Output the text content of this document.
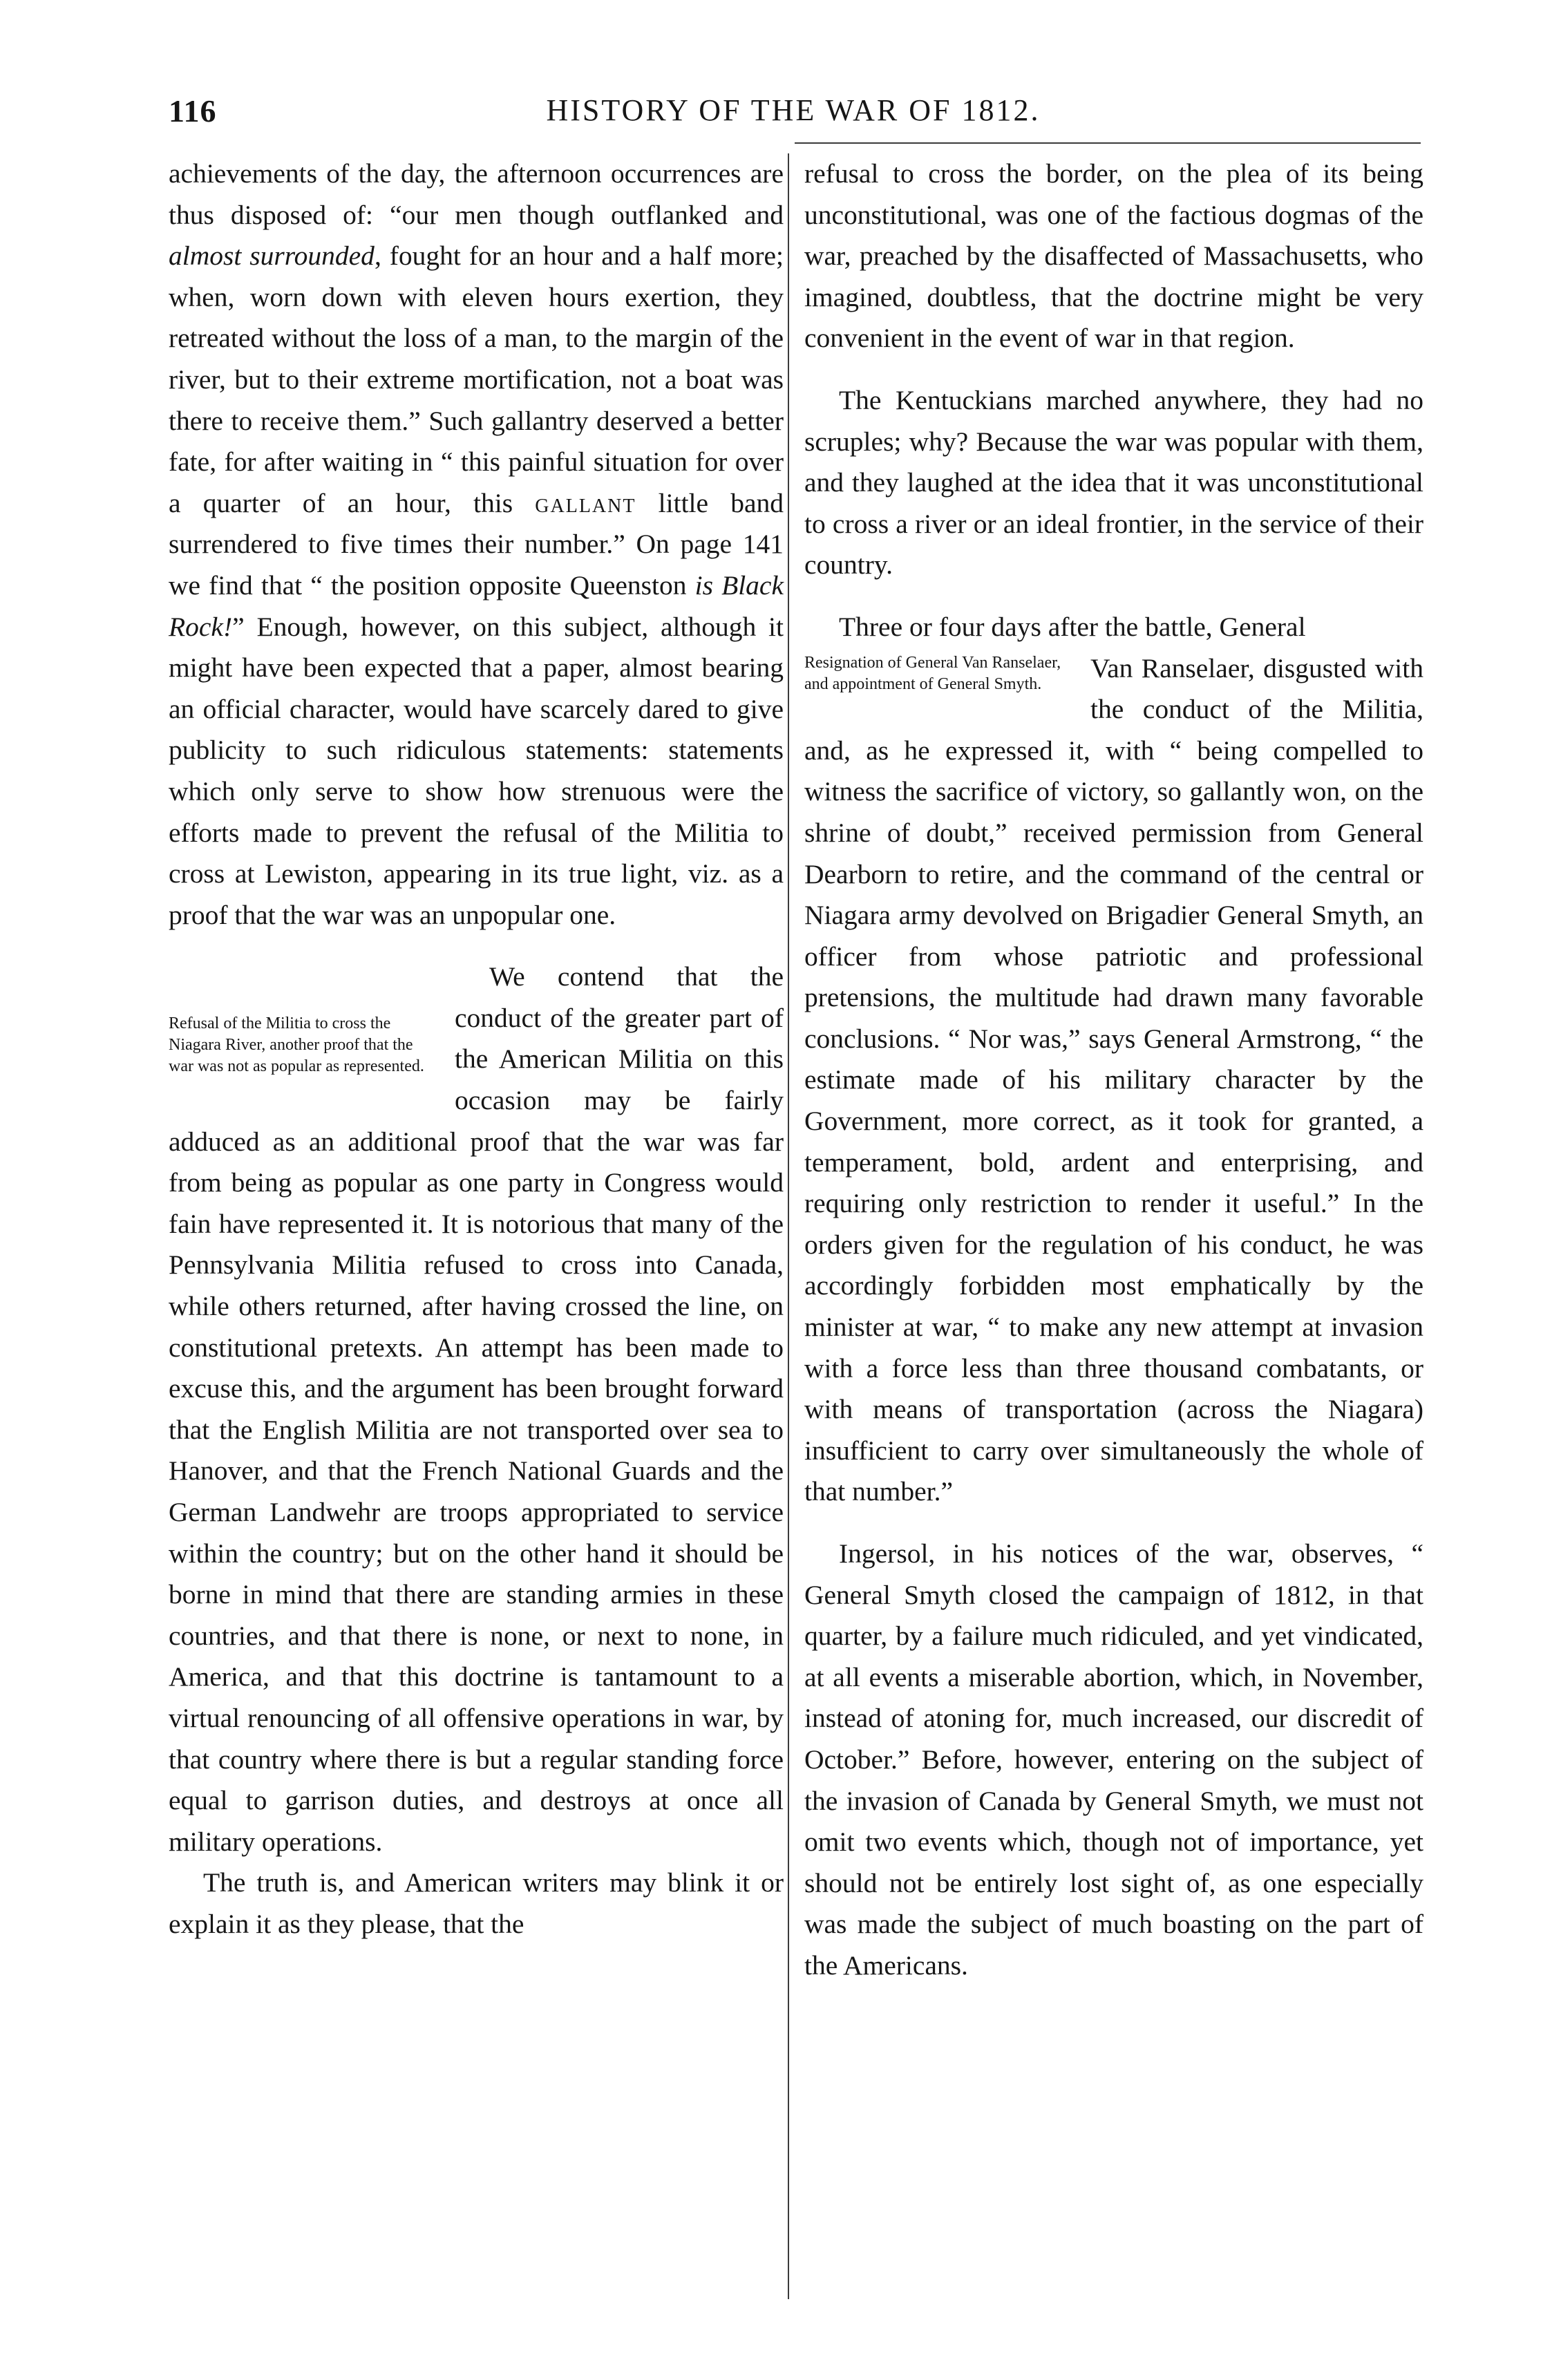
116	HISTORY OF THE WAR OF 1812.

achievements of the day, the afternoon occurrences are thus disposed of: “our men though outflanked and almost surrounded, fought for an hour and a half more; when, worn down with eleven hours exertion, they retreated without the loss of a man, to the margin of the river, but to their extreme mortification, not a boat was there to receive them.” Such gallantry deserved a better fate, for after waiting in “ this painful situation for over a quarter of an hour, this gallant little band surrendered to five times their number.” On page 141 we find that “ the position opposite Queenston is Black Rock!” Enough, however, on this subject, although it might have been expected that a paper, almost bearing an official character, would have scarcely dared to give publicity to such ridiculous statements: statements which only serve to show how strenuous were the efforts made to prevent the refusal of the Militia to cross at Lewiston, appearing in its true light, viz. as a proof that the war was an unpopular one.

Refusal of the Militia to cross the Niagara River, another proof that the war was not as popular as represented.

We contend that the conduct of the greater part of the American Militia on this occasion may be fairly adduced as an additional proof that the war was far from being as popular as one party in Congress would fain have represented it. It is notorious that many of the Pennsylvania Militia refused to cross into Canada, while others returned, after having crossed the line, on constitutional pretexts. An attempt has been made to excuse this, and the argument has been brought forward that the English Militia are not transported over sea to Hanover, and that the French National Guards and the German Landwehr are troops appropriated to service within the country; but on the other hand it should be borne in mind that there are standing armies in these countries, and that there is none, or next to none, in America, and that this doctrine is tantamount to a virtual renouncing of all offensive operations in war, by that country where there is but a regular standing force equal to garrison duties, and destroys at once all military operations.

The truth is, and American writers may blink it or explain it as they please, that the

refusal to cross the border, on the plea of its being unconstitutional, was one of the factious dogmas of the war, preached by the disaffected of Massachusetts, who imagined, doubtless, that the doctrine might be very convenient in the event of war in that region.

The Kentuckians marched anywhere, they had no scruples; why? Because the war was popular with them, and they laughed at the idea that it was unconstitutional to cross a river or an ideal frontier, in the service of their country.

Three or four days after the battle, General

Resignation of General Van Ranselaer, and appointment of General Smyth.

Van Ranselaer, disgusted with the conduct of the Militia, and, as he expressed it, with “ being compelled to witness the sacrifice of victory, so gallantly won, on the shrine of doubt,” received permission from General Dearborn to retire, and the command of the central or Niagara army devolved on Brigadier General Smyth, an officer from whose patriotic and professional pretensions, the multitude had drawn many favorable conclusions. “ Nor was,” says General Armstrong, “ the estimate made of his military character by the Government, more correct, as it took for granted, a temperament, bold, ardent and enterprising, and requiring only restriction to render it useful.” In the orders given for the regulation of his conduct, he was accordingly forbidden most emphatically by the minister at war, “ to make any new attempt at invasion with a force less than three thousand combatants, or with means of transportation (across the Niagara) insufficient to carry over simultaneously the whole of that number.”

Ingersol, in his notices of the war, observes, “ General Smyth closed the campaign of 1812, in that quarter, by a failure much ridiculed, and yet vindicated, at all events a miserable abortion, which, in November, instead of atoning for, much increased, our discredit of October.” Before, however, entering on the subject of the invasion of Canada by General Smyth, we must not omit two events which, though not of importance, yet should not be entirely lost sight of, as one especially was made the subject of much boasting on the part of the Americans.
